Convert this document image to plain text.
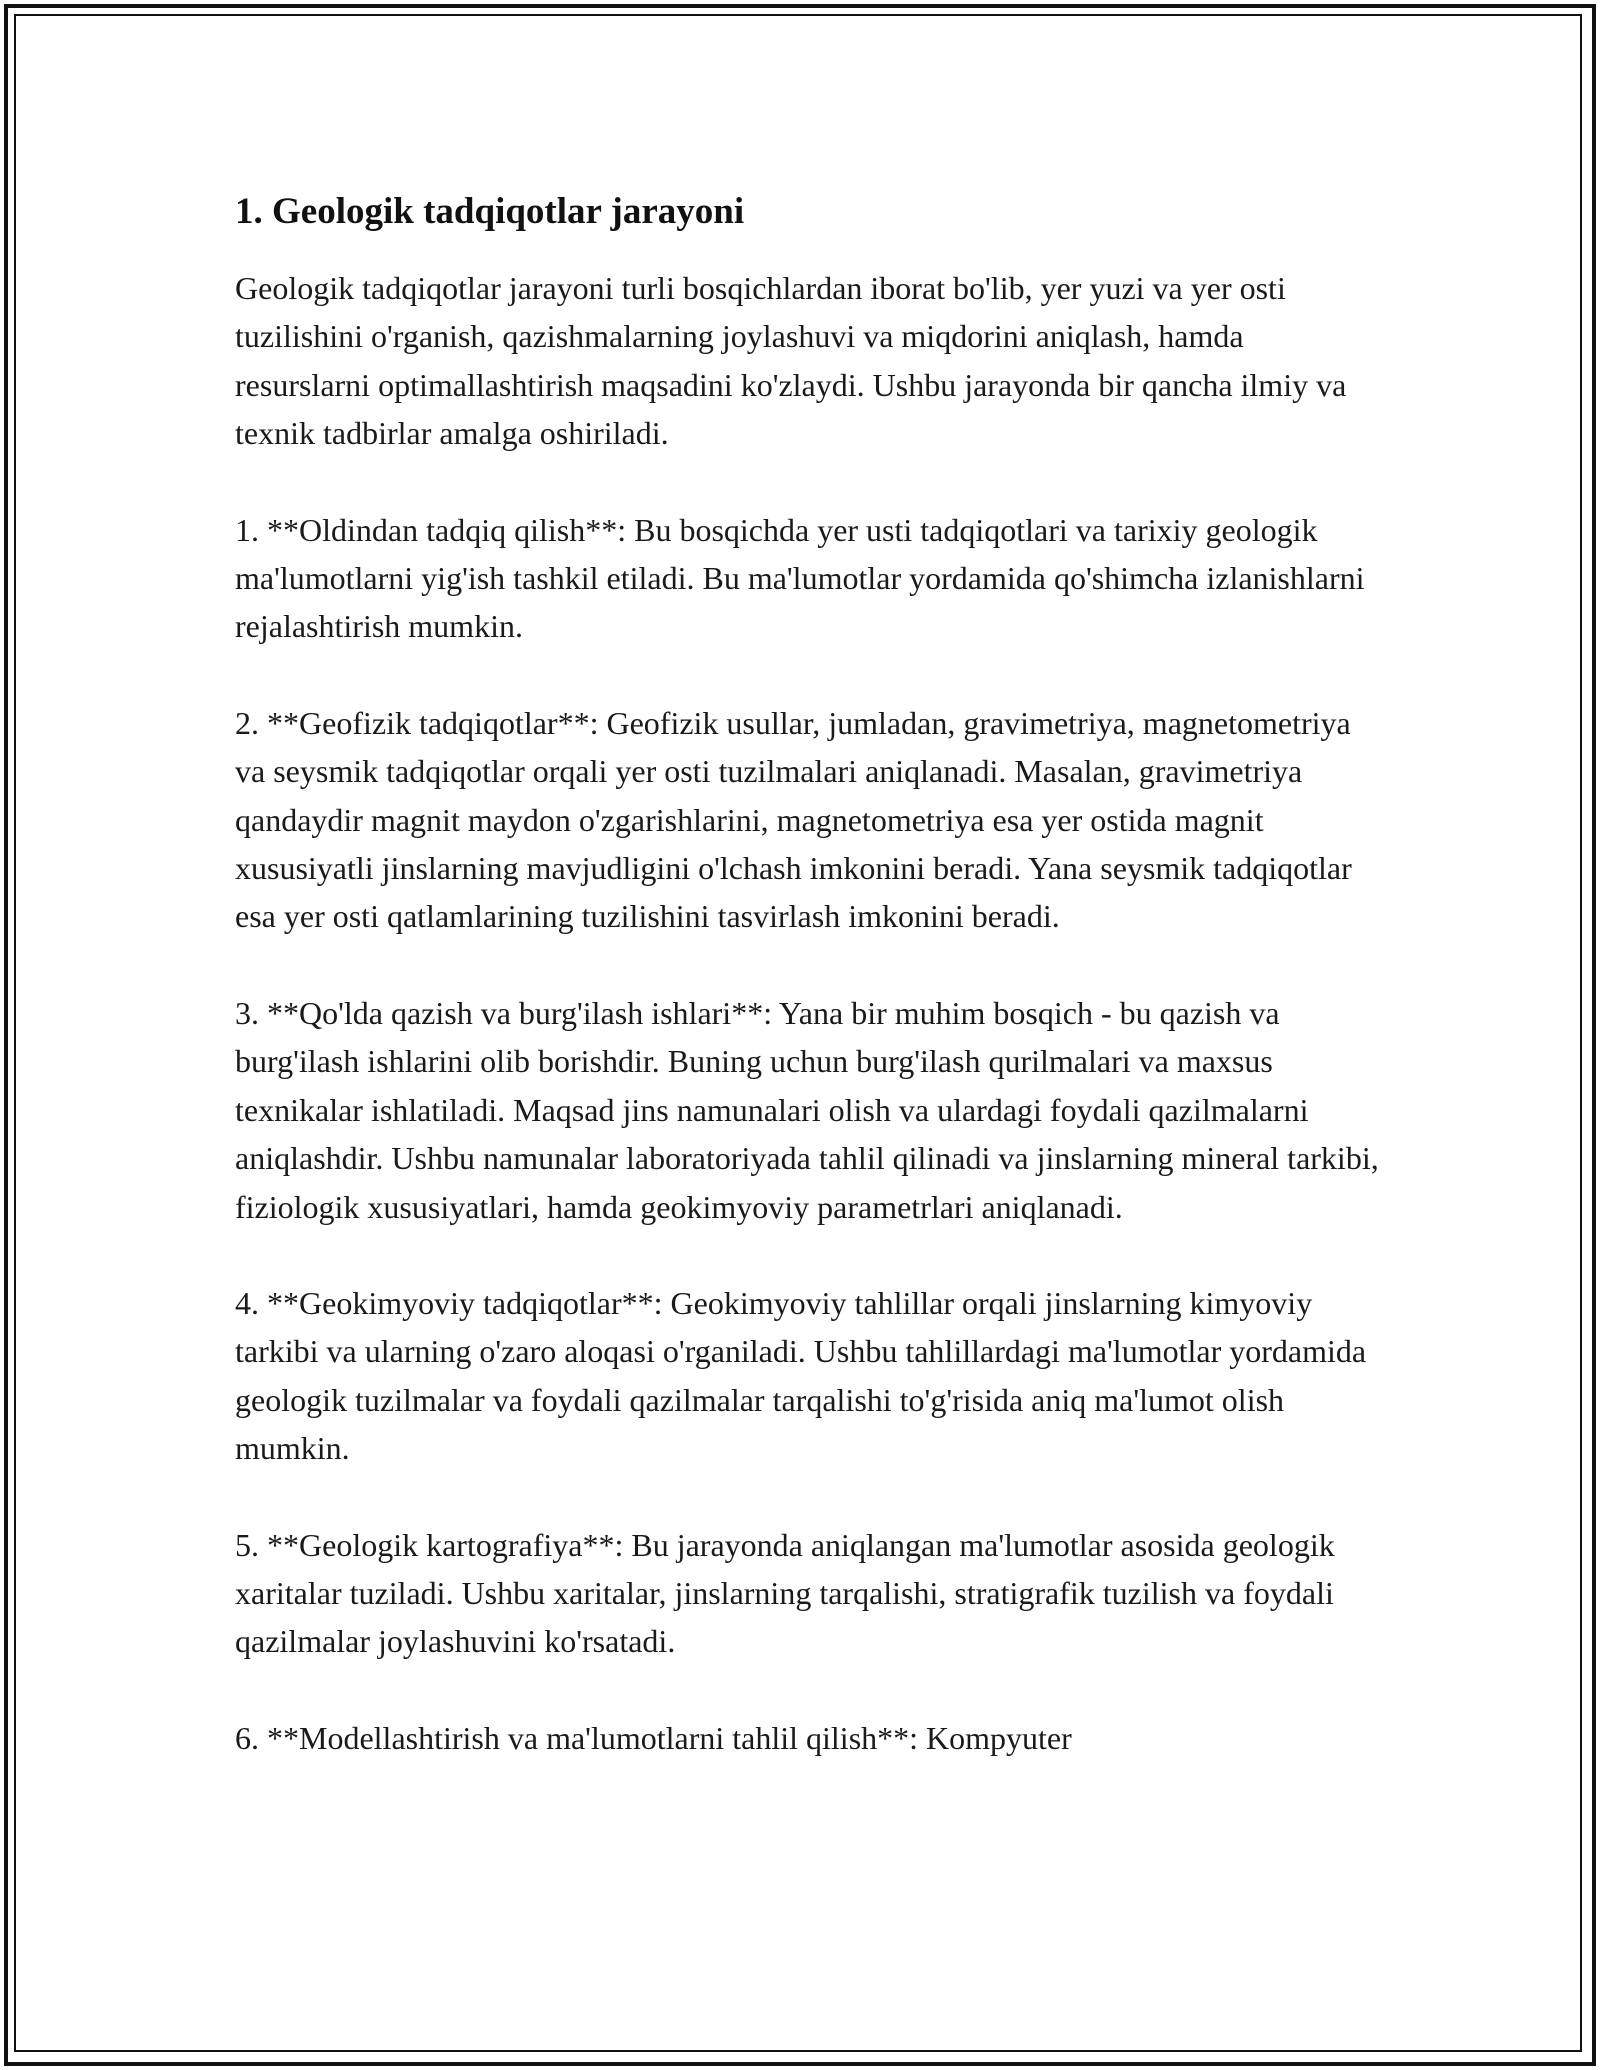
1. Geologik tadqiqotlar jarayoni

Geologik tadqiqotlar jarayoni turli bosqichlardan iborat bo'lib, yer yuzi va yer osti tuzilishini o'rganish, qazishmalarning joylashuvi va miqdorini aniqlash, hamda resurslarni optimallashtirish maqsadini ko'zlaydi. Ushbu jarayonda bir qancha ilmiy va texnik tadbirlar amalga oshiriladi.

1. **Oldindan tadqiq qilish**: Bu bosqichda yer usti tadqiqotlari va tarixiy geologik ma'lumotlarni yig'ish tashkil etiladi. Bu ma'lumotlar yordamida qo'shimcha izlanishlarni rejalashtirish mumkin.

2. **Geofizik tadqiqotlar**: Geofizik usullar, jumladan, gravimetriya, magnetometriya va seysmik tadqiqotlar orqali yer osti tuzilmalari aniqlanadi. Masalan, gravimetriya qandaydir magnit maydon o'zgarishlarini, magnetometriya esa yer ostida magnit xususiyatli jinslarning mavjudligini o'lchash imkonini beradi. Yana seysmik tadqiqotlar esa yer osti qatlamlarining tuzilishini tasvirlash imkonini beradi.

3. **Qo'lda qazish va burg'ilash ishlari**: Yana bir muhim bosqich - bu qazish va burg'ilash ishlarini olib borishdir. Buning uchun burg'ilash qurilmalari va maxsus texnikalar ishlatiladi. Maqsad jins namunalari olish va ulardagi foydali qazilmalarni aniqlashdir. Ushbu namunalar laboratoriyada tahlil qilinadi va jinslarning mineral tarkibi, fiziologik xususiyatlari, hamda geokimyoviy parametrlari aniqlanadi.

4. **Geokimyoviy tadqiqotlar**: Geokimyoviy tahlillar orqali jinslarning kimyoviy tarkibi va ularning o'zaro aloqasi o'rganiladi. Ushbu tahlillardagi ma'lumotlar yordamida geologik tuzilmalar va foydali qazilmalar tarqalishi to'g'risida aniq ma'lumot olish mumkin.

5. **Geologik kartografiya**: Bu jarayonda aniqlangan ma'lumotlar asosida geologik xaritalar tuziladi. Ushbu xaritalar, jinslarning tarqalishi, stratigrafik tuzilish va foydali qazilmalar joylashuvini ko'rsatadi.

6. **Modellashtirish va ma'lumotlarni tahlil qilish**: Kompyuter
